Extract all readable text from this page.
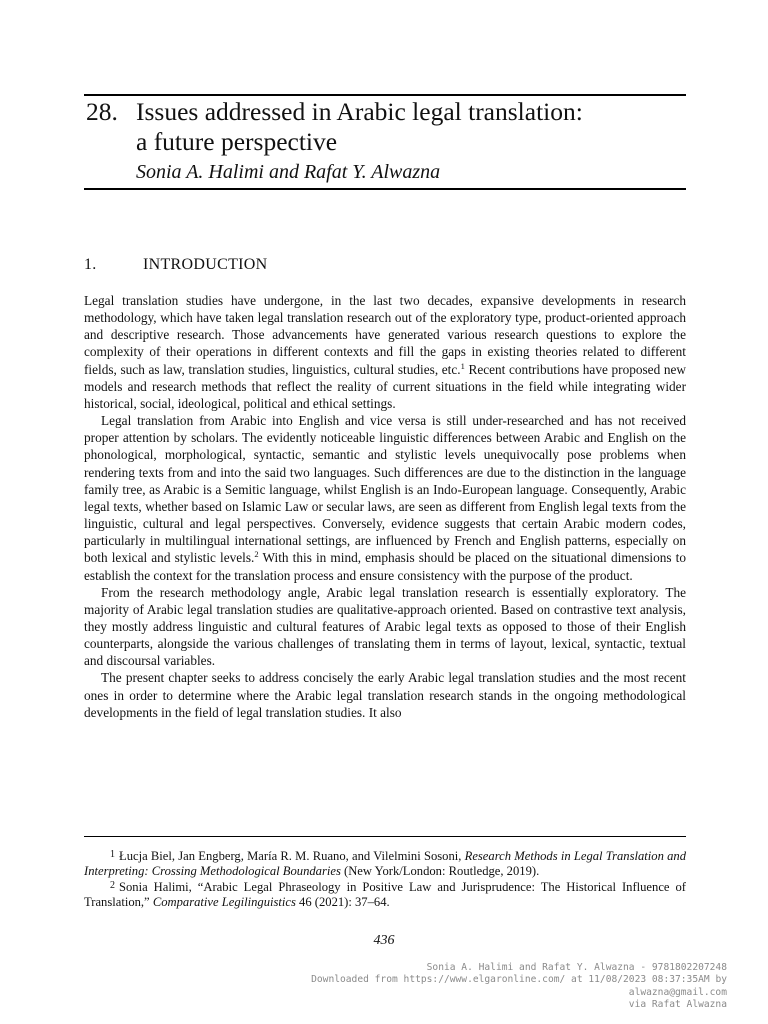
28. Issues addressed in Arabic legal translation:
a future perspective
Sonia A. Halimi and Rafat Y. Alwazna
1.	INTRODUCTION

Legal translation studies have undergone, in the last two decades, expansive developments in research methodology, which have taken legal translation research out of the exploratory type, product-oriented approach and descriptive research. Those advancements have generated various research questions to explore the complexity of their operations in different contexts and fill the gaps in existing theories related to different fields, such as law, translation studies, linguistics, cultural studies, etc.$^1$ Recent contributions have proposed new models and research methods that reflect the reality of current situations in the field while integrating wider historical, social, ideological, political and ethical settings.

Legal translation from Arabic into English and vice versa is still under-researched and has not received proper attention by scholars. The evidently noticeable linguistic differences between Arabic and English on the phonological, morphological, syntactic, semantic and stylistic levels unequivocally pose problems when rendering texts from and into the said two languages. Such differences are due to the distinction in the language family tree, as Arabic is a Semitic language, whilst English is an Indo-European language. Consequently, Arabic legal texts, whether based on Islamic Law or secular laws, are seen as different from English legal texts from the linguistic, cultural and legal perspectives. Conversely, evidence suggests that certain Arabic modern codes, particularly in multilingual international settings, are influenced by French and English patterns, especially on both lexical and stylistic levels.$^2$ With this in mind, emphasis should be placed on the situational dimensions to establish the context for the translation process and ensure consistency with the purpose of the product.

From the research methodology angle, Arabic legal translation research is essentially exploratory. The majority of Arabic legal translation studies are qualitative-approach oriented. Based on contrastive text analysis, they mostly address linguistic and cultural features of Arabic legal texts as opposed to those of their English counterparts, alongside the various challenges of translating them in terms of layout, lexical, syntactic, textual and discoursal variables.

The present chapter seeks to address concisely the early Arabic legal translation studies and the most recent ones in order to determine where the Arabic legal translation research stands in the ongoing methodological developments in the field of legal translation studies. It also

1 Łucja Biel, Jan Engberg, María R. M. Ruano, and Vilelmini Sosoni, Research Methods in Legal Translation and Interpreting: Crossing Methodological Boundaries (New York/London: Routledge, 2019).

2 Sonia Halimi, “Arabic Legal Phraseology in Positive Law and Jurisprudence: The Historical Influence of Translation,” Comparative Legilinguistics 46 (2021): 37–64.

436
Sonia A. Halimi and Rafat Y. Alwazna - 9781802207248
Downloaded from https://www.elgaronline.com/ at 11/08/2023 08:37:35AM by
alwazna@gmail.com
via Rafat Alwazna
